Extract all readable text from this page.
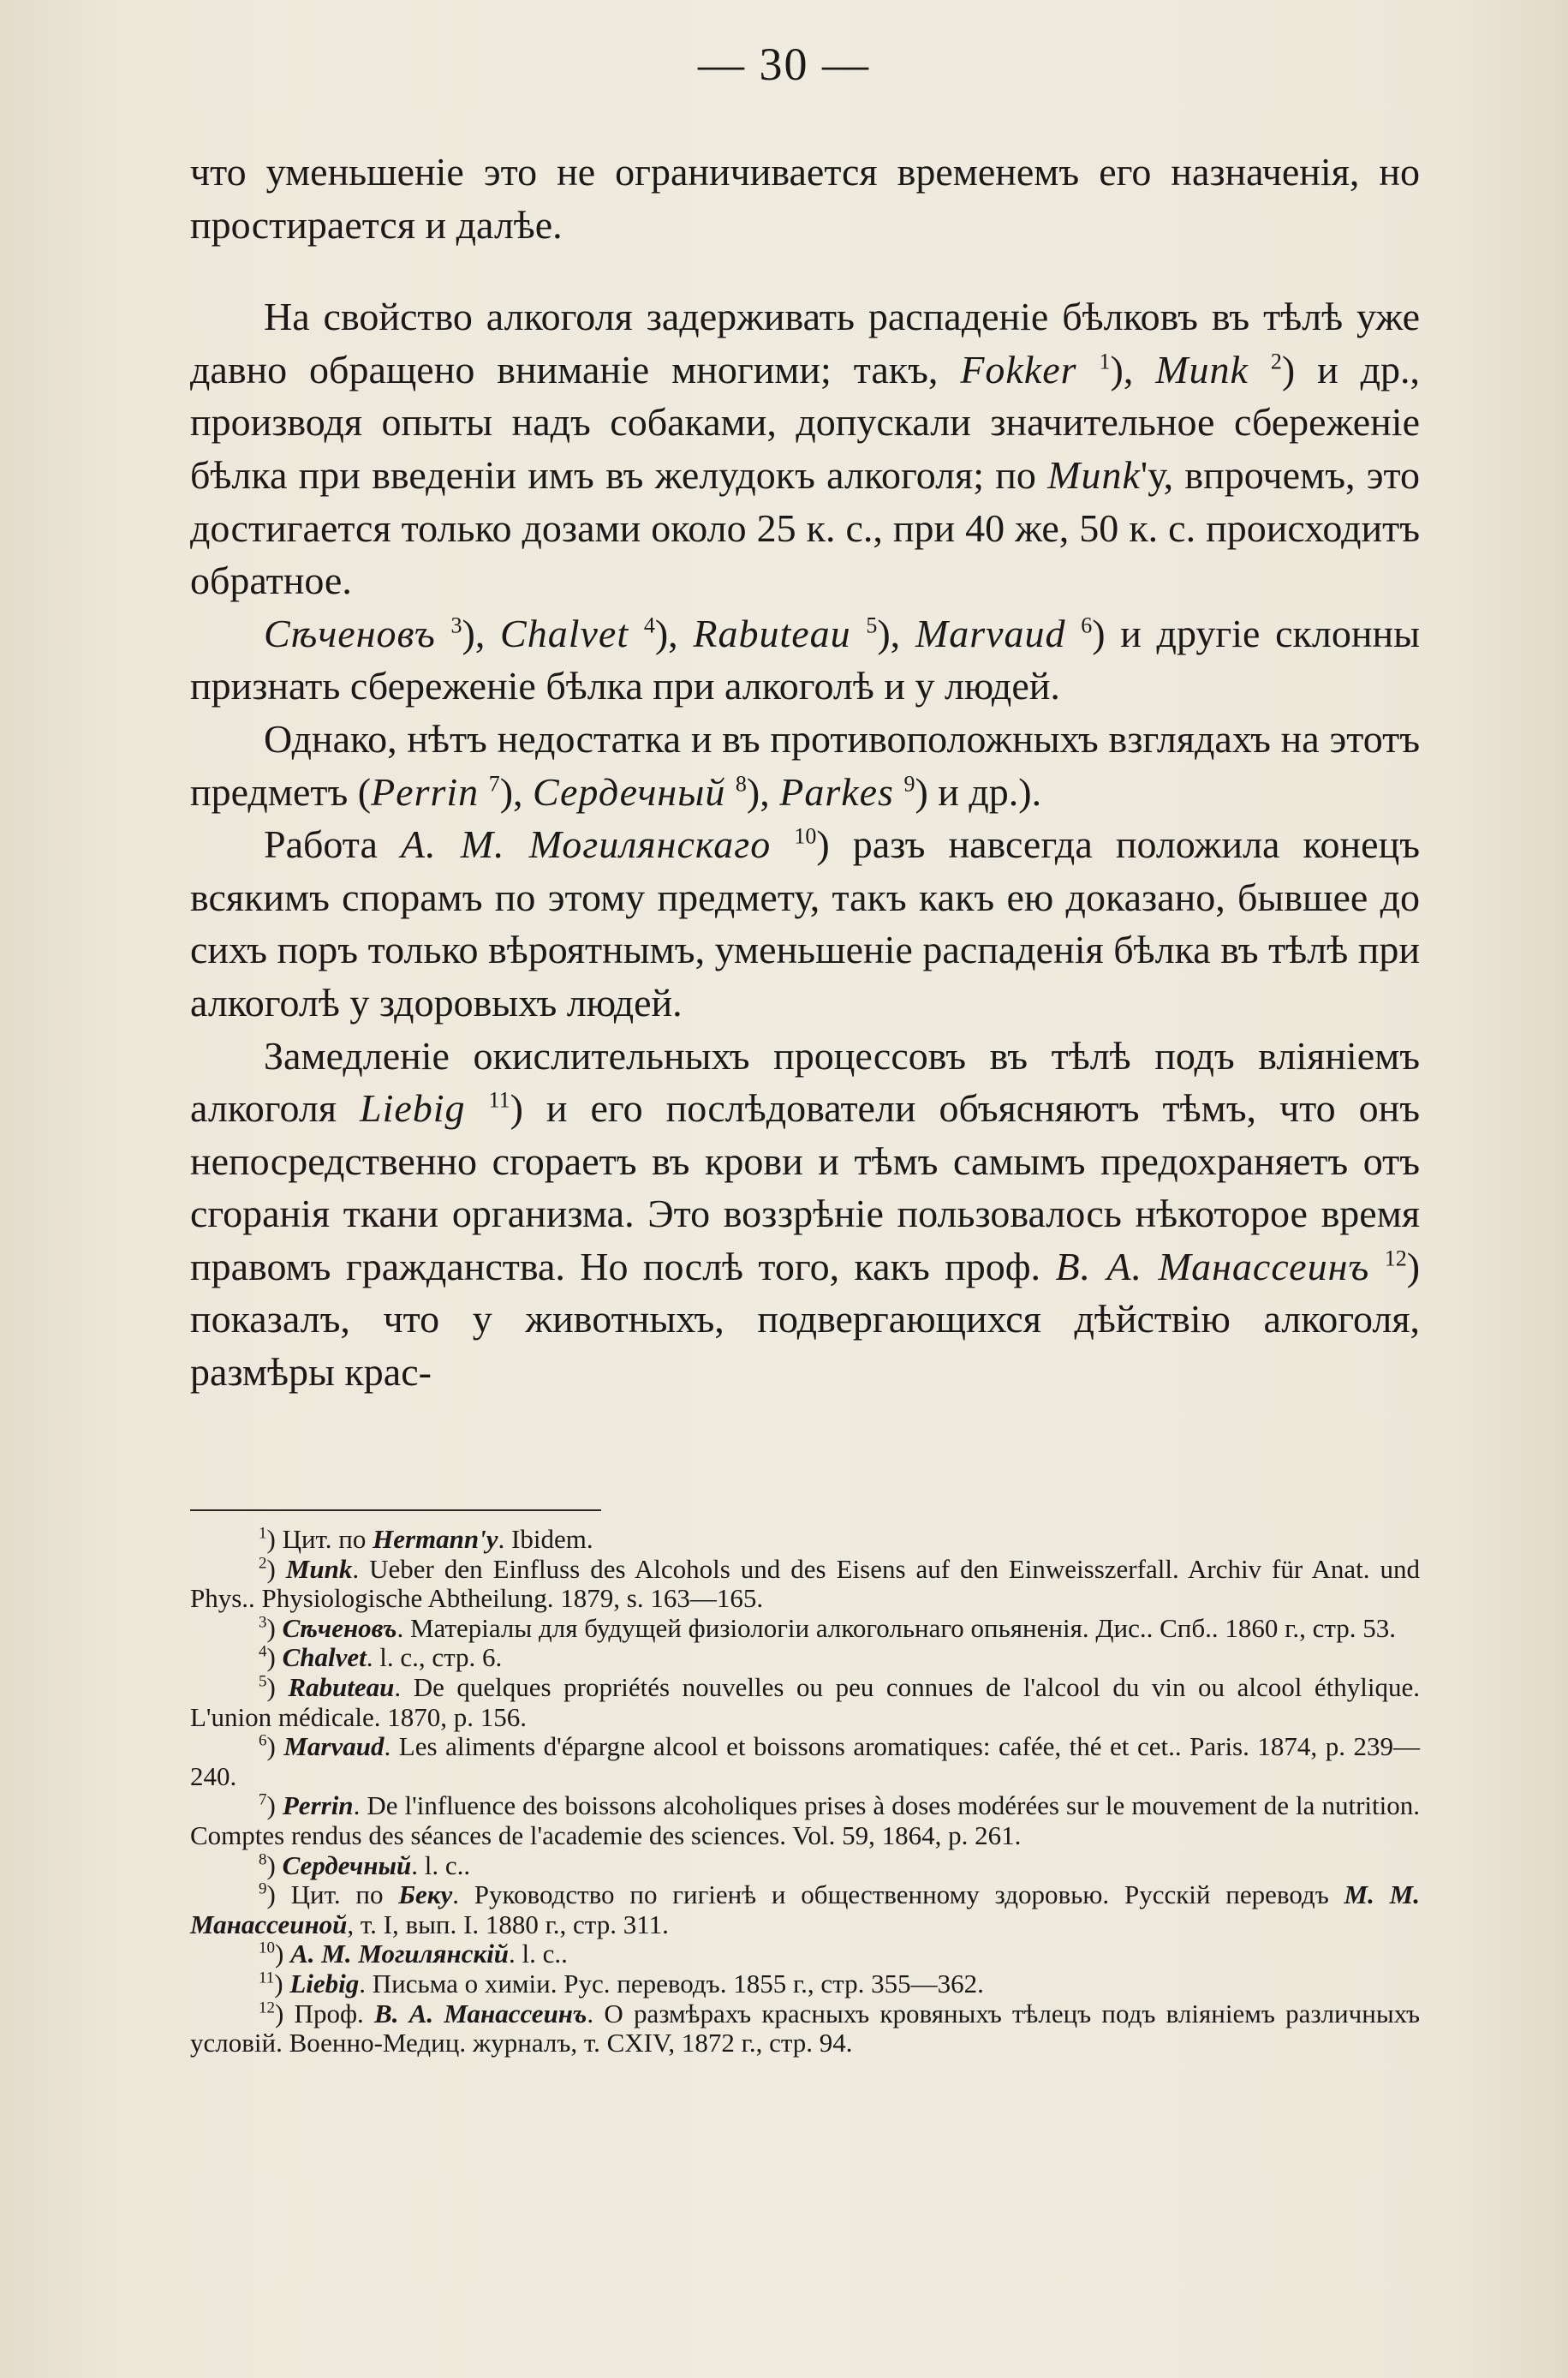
— 30 —

что уменьшеніе это не ограничивается временемъ его назначенія, но простирается и далѣе.

На свойство алкоголя задерживать распаденіе бѣлковъ въ тѣлѣ уже давно обращено вниманіе многими; такъ, Fokker $^1$), Munk $^2$) и др., производя опыты надъ собаками, допускали значительное сбереженіе бѣлка при введеніи имъ въ желудокъ алкоголя; по Munk'у, впрочемъ, это достигается только дозами около 25 к. с., при 40 же, 50 к. с. происходитъ обратное.

Сѣченовъ $^3$), Chalvet $^4$), Rabuteau $^5$), Marvaud $^6$) и другіе склонны признать сбереженіе бѣлка при алкоголѣ и у людей.

Однако, нѣтъ недостатка и въ противоположныхъ взглядахъ на этотъ предметъ (Perrin $^7$), Сердечный $^8$), Parkes $^9$) и др.).

Работа А. М. Могилянскаго $^{10}$) разъ навсегда положила конецъ всякимъ спорамъ по этому предмету, такъ какъ ею доказано, бывшее до сихъ поръ только вѣроятнымъ, уменьшеніе распаденія бѣлка въ тѣлѣ при алкоголѣ у здоровыхъ людей.

Замедленіе окислительныхъ процессовъ въ тѣлѣ подъ вліяніемъ алкоголя Liebig $^{11}$) и его послѣдователи объясняютъ тѣмъ, что онъ непосредственно сгораетъ въ крови и тѣмъ самымъ предохраняетъ отъ сгоранія ткани организма. Это воззрѣніе пользовалось нѣкоторое время правомъ гражданства. Но послѣ того, какъ проф. В. А. Манассеинъ $^{12}$) показалъ, что у животныхъ, подвергающихся дѣйствію алкоголя, размѣры крас-

$^1$) Цит. по Hermann'y. Ibidem.

$^2$) Munk. Ueber den Einfluss des Alcohols und des Eisens auf den Einweisszerfall. Archiv für Anat. und Phys.. Physiologische Abtheilung. 1879, s. 163—165.

$^3$) Сѣченовъ. Матеріалы для будущей физіологіи алкогольнаго опьяненія. Дис.. Спб.. 1860 г., стр. 53.

$^4$) Chalvet. l. c., стр. 6.

$^5$) Rabuteau. De quelques propriétés nouvelles ou peu connues de l'alcool du vin ou alcool éthylique. L'union médicale. 1870, p. 156.

$^6$) Marvaud. Les aliments d'épargne alcool et boissons aromatiques: cafée, thé et cet.. Paris. 1874, p. 239—240.

$^7$) Perrin. De l'influence des boissons alcoholiques prises à doses modérées sur le mouvement de la nutrition. Comptes rendus des séances de l'academie des sciences. Vol. 59, 1864, p. 261.

$^8$) Сердечный. l. c..

$^9$) Цит. по Беку. Руководство по гигіенѣ и общественному здоровью. Русскій переводъ М. М. Манассеиной, т. I, вып. I. 1880 г., стр. 311.

$^{10}$) А. М. Могилянскій. l. c..

$^{11}$) Liebig. Письма о химіи. Рус. переводъ. 1855 г., стр. 355—362.

$^{12}$) Проф. В. А. Манассеинъ. О размѣрахъ красныхъ кровяныхъ тѣлецъ подъ вліяніемъ различныхъ условій. Военно-Медиц. журналъ, т. CXIV, 1872 г., стр. 94.
